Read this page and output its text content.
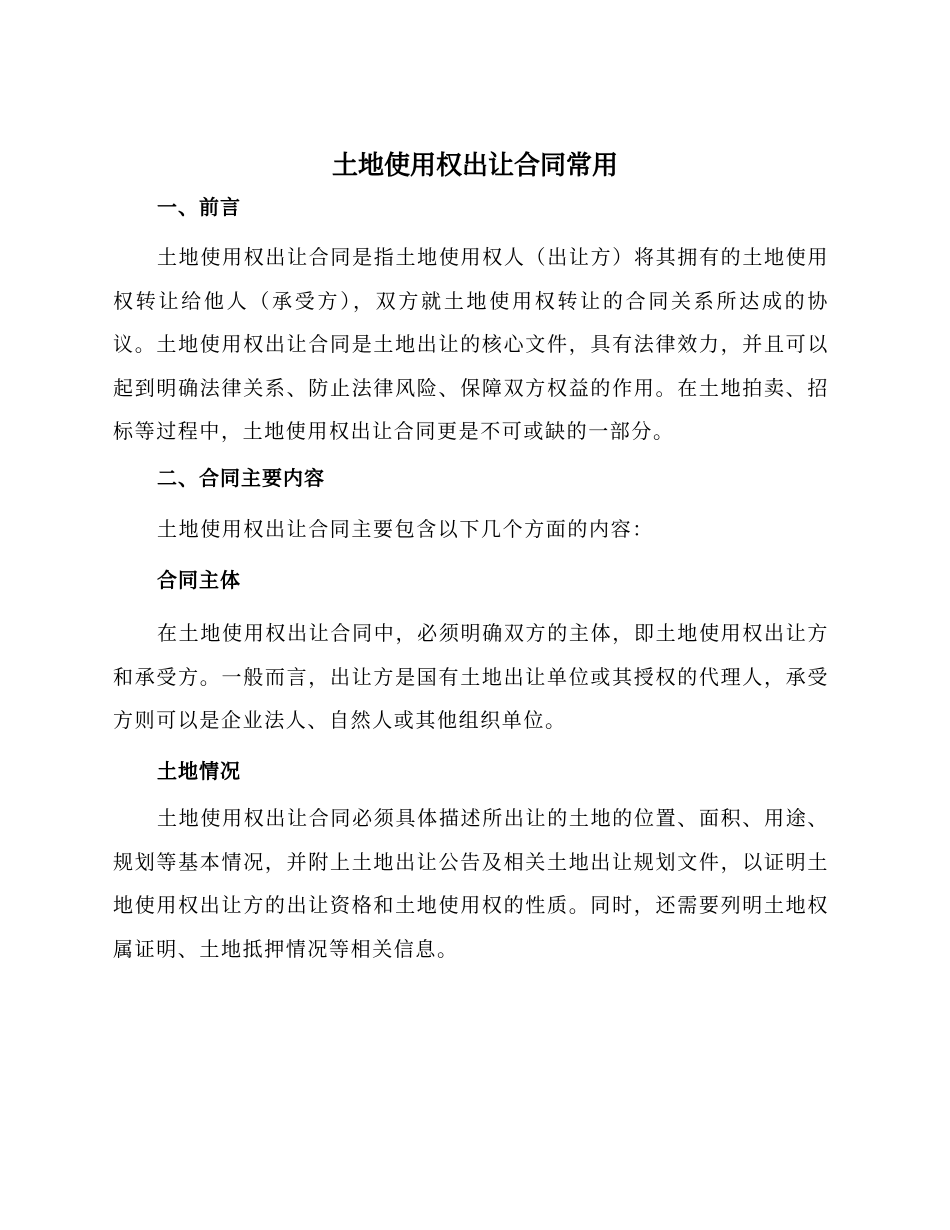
土地使用权出让合同常用
一、前言

土地使用权出让合同是指土地使用权人（出让方）将其拥有的土地使用权转让给他人（承受方），双方就土地使用权转让的合同关系所达成的协议。土地使用权出让合同是土地出让的核心文件，具有法律效力，并且可以起到明确法律关系、防止法律风险、保障双方权益的作用。在土地拍卖、招标等过程中，土地使用权出让合同更是不可或缺的一部分。

二、合同主要内容

土地使用权出让合同主要包含以下几个方面的内容：

合同主体

在土地使用权出让合同中，必须明确双方的主体，即土地使用权出让方和承受方。一般而言，出让方是国有土地出让单位或其授权的代理人，承受方则可以是企业法人、自然人或其他组织单位。

土地情况

土地使用权出让合同必须具体描述所出让的土地的位置、面积、用途、规划等基本情况，并附上土地出让公告及相关土地出让规划文件，以证明土地使用权出让方的出让资格和土地使用权的性质。同时，还需要列明土地权属证明、土地抵押情况等相关信息。
